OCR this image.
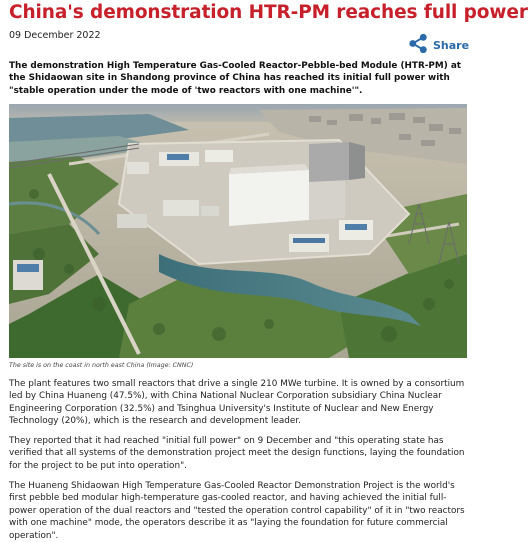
China's demonstration HTR-PM reaches full power
09 December 2022
Share

The demonstration High Temperature Gas-Cooled Reactor-Pebble-bed Module (HTR-PM) at the Shidaowan site in Shandong province of China has reached its initial full power with "stable operation under the mode of 'two reactors with one machine'".

The site is on the coast in north east China (Image: CNNC)

The plant features two small reactors that drive a single 210 MWe turbine. It is owned by a consortium led by China Huaneng (47.5%), with China National Nuclear Corporation subsidiary China Nuclear Engineering Corporation (32.5%) and Tsinghua University's Institute of Nuclear and New Energy Technology (20%), which is the research and development leader.

They reported that it had reached "initial full power" on 9 December and "this operating state has verified that all systems of the demonstration project meet the design functions, laying the foundation for the project to be put into operation".

The Huaneng Shidaowan High Temperature Gas-Cooled Reactor Demonstration Project is the world's first pebble bed modular high-temperature gas-cooled reactor, and having achieved the initial full-power operation of the dual reactors and "tested the operation control capability" of it in "two reactors with one machine" mode, the operators describe it as "laying the foundation for future commercial operation".
